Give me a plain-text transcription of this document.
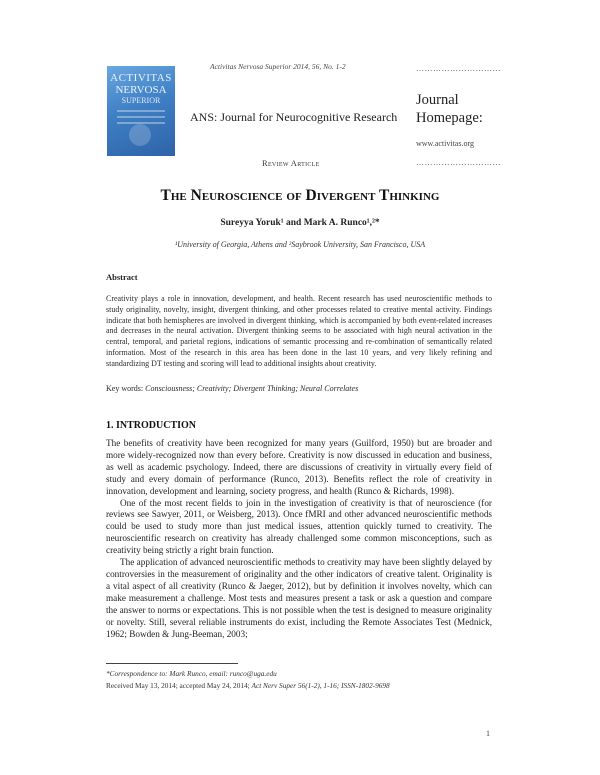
ACTIVITAS
NERVOSA
SUPERIOR
Activitas Nervosa Superior 2014, 56, No. 1-2	…………………………
ANS: Journal for Neurocognitive Research
Journal
Homepage:
www.activitas.org
Review Article	…………………………
The Neuroscience of Divergent Thinking
Sureyya Yoruk¹ and Mark A. Runco¹,²*
¹University of Georgia, Athens and ²Saybrook University, San Francisco, USA
Abstract
Creativity plays a role in innovation, development, and health. Recent research has used neuroscientific methods to study originality, novelty, insight, divergent thinking, and other processes related to creative mental activity. Findings indicate that both hemispheres are involved in divergent thinking, which is accompanied by both event-related increases and decreases in the neural activation. Divergent thinking seems to be associated with high neural activation in the central, temporal, and parietal regions, indications of semantic processing and re-combination of semantically related information. Most of the research in this area has been done in the last 10 years, and very likely refining and standardizing DT testing and scoring will lead to additional insights about creativity.
Key words: Consciousness; Creativity; Divergent Thinking; Neural Correlates
1. INTRODUCTION

The benefits of creativity have been recognized for many years (Guilford, 1950) but are broader and more widely-recognized now than every before. Creativity is now discussed in education and business, as well as academic psychology. Indeed, there are discussions of creativity in virtually every field of study and every domain of performance (Runco, 2013). Benefits reflect the role of creativity in innovation, development and learning, society progress, and health (Runco & Richards, 1998).

One of the most recent fields to join in the investigation of creativity is that of neuroscience (for reviews see Sawyer, 2011, or Weisberg, 2013). Once fMRI and other advanced neuroscientific methods could be used to study more than just medical issues, attention quickly turned to creativity. The neuroscientific research on creativity has already challenged some common misconceptions, such as creativity being strictly a right brain function.

The application of advanced neuroscientific methods to creativity may have been slightly delayed by controversies in the measurement of originality and the other indicators of creative talent. Originality is a vital aspect of all creativity (Runco & Jaeger, 2012), but by definition it involves novelty, which can make measurement a challenge. Most tests and measures present a task or ask a question and compare the answer to norms or expectations. This is not possible when the test is designed to measure originality or novelty. Still, several reliable instruments do exist, including the Remote Associates Test (Mednick, 1962; Bowden & Jung-Beeman, 2003;

*Correspondence to: Mark Runco, email: runco@uga.edu
Received May 13, 2014; accepted May 24, 2014; Act Nerv Super 56(1-2), 1-16; ISSN-1802-9698
1
